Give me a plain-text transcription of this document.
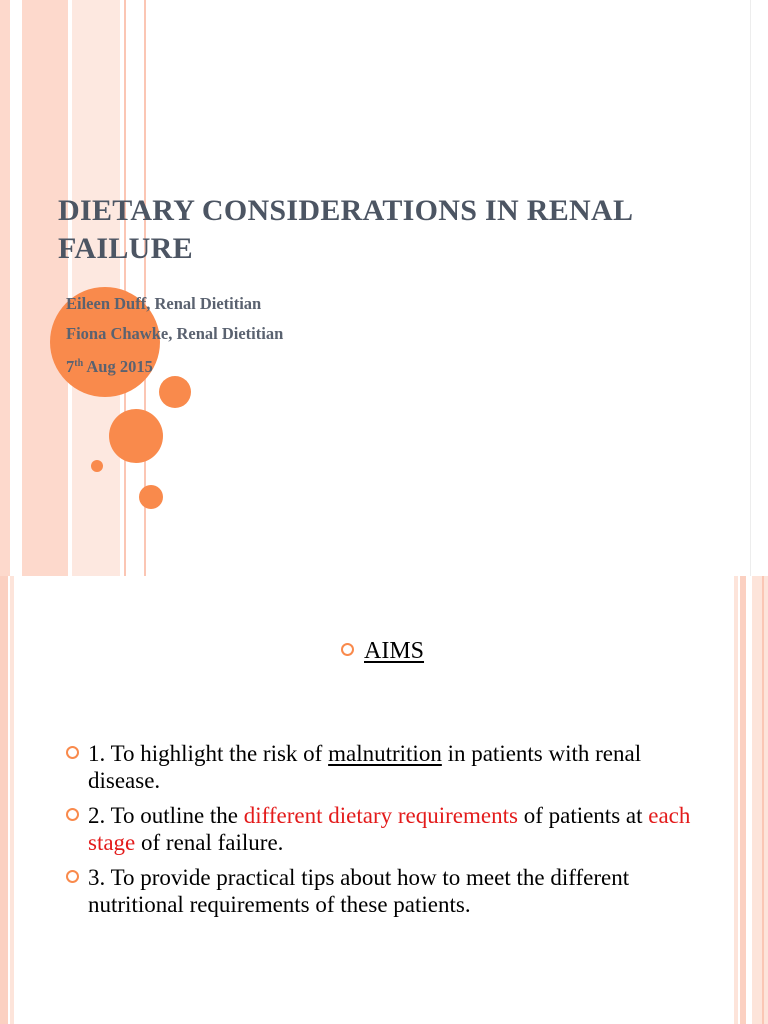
DIETARY CONSIDERATIONS IN RENAL FAILURE
Eileen Duff, Renal Dietitian
Fiona Chawke, Renal Dietitian
7th Aug 2015
AIMS
1. To highlight the risk of malnutrition in patients with renal disease.
2. To outline the different dietary requirements of patients at each stage of renal failure.
3. To provide practical tips about how to meet the different nutritional requirements of these patients.
